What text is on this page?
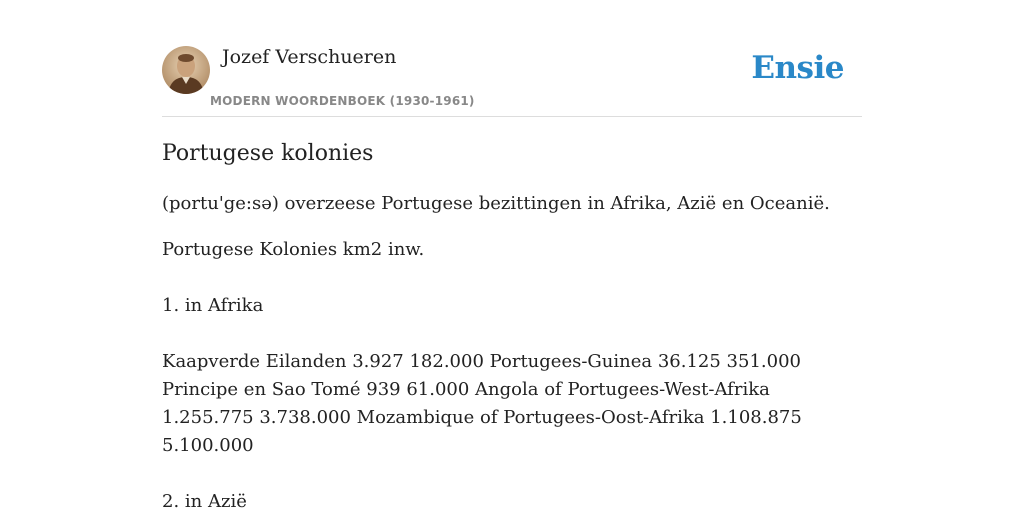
Jozef Verschueren
MODERN WOORDENBOEK (1930-1961)
Ensie
Portugese kolonies

(portu'ge:sə) overzeese Portugese bezittingen in Afrika, Azië en Oceanië.

Portugese Kolonies km2 inw.
1. in Afrika
Kaapverde Eilanden 3.927 182.000 Portugees-Guinea 36.125 351.000 Principe en Sao Tomé 939 61.000 Angola of Portugees-West-Afrika 1.255.775 3.738.000 Mozambique of Portugees-Oost-Afrika 1.108.875 5.100.000
2. in Azië
